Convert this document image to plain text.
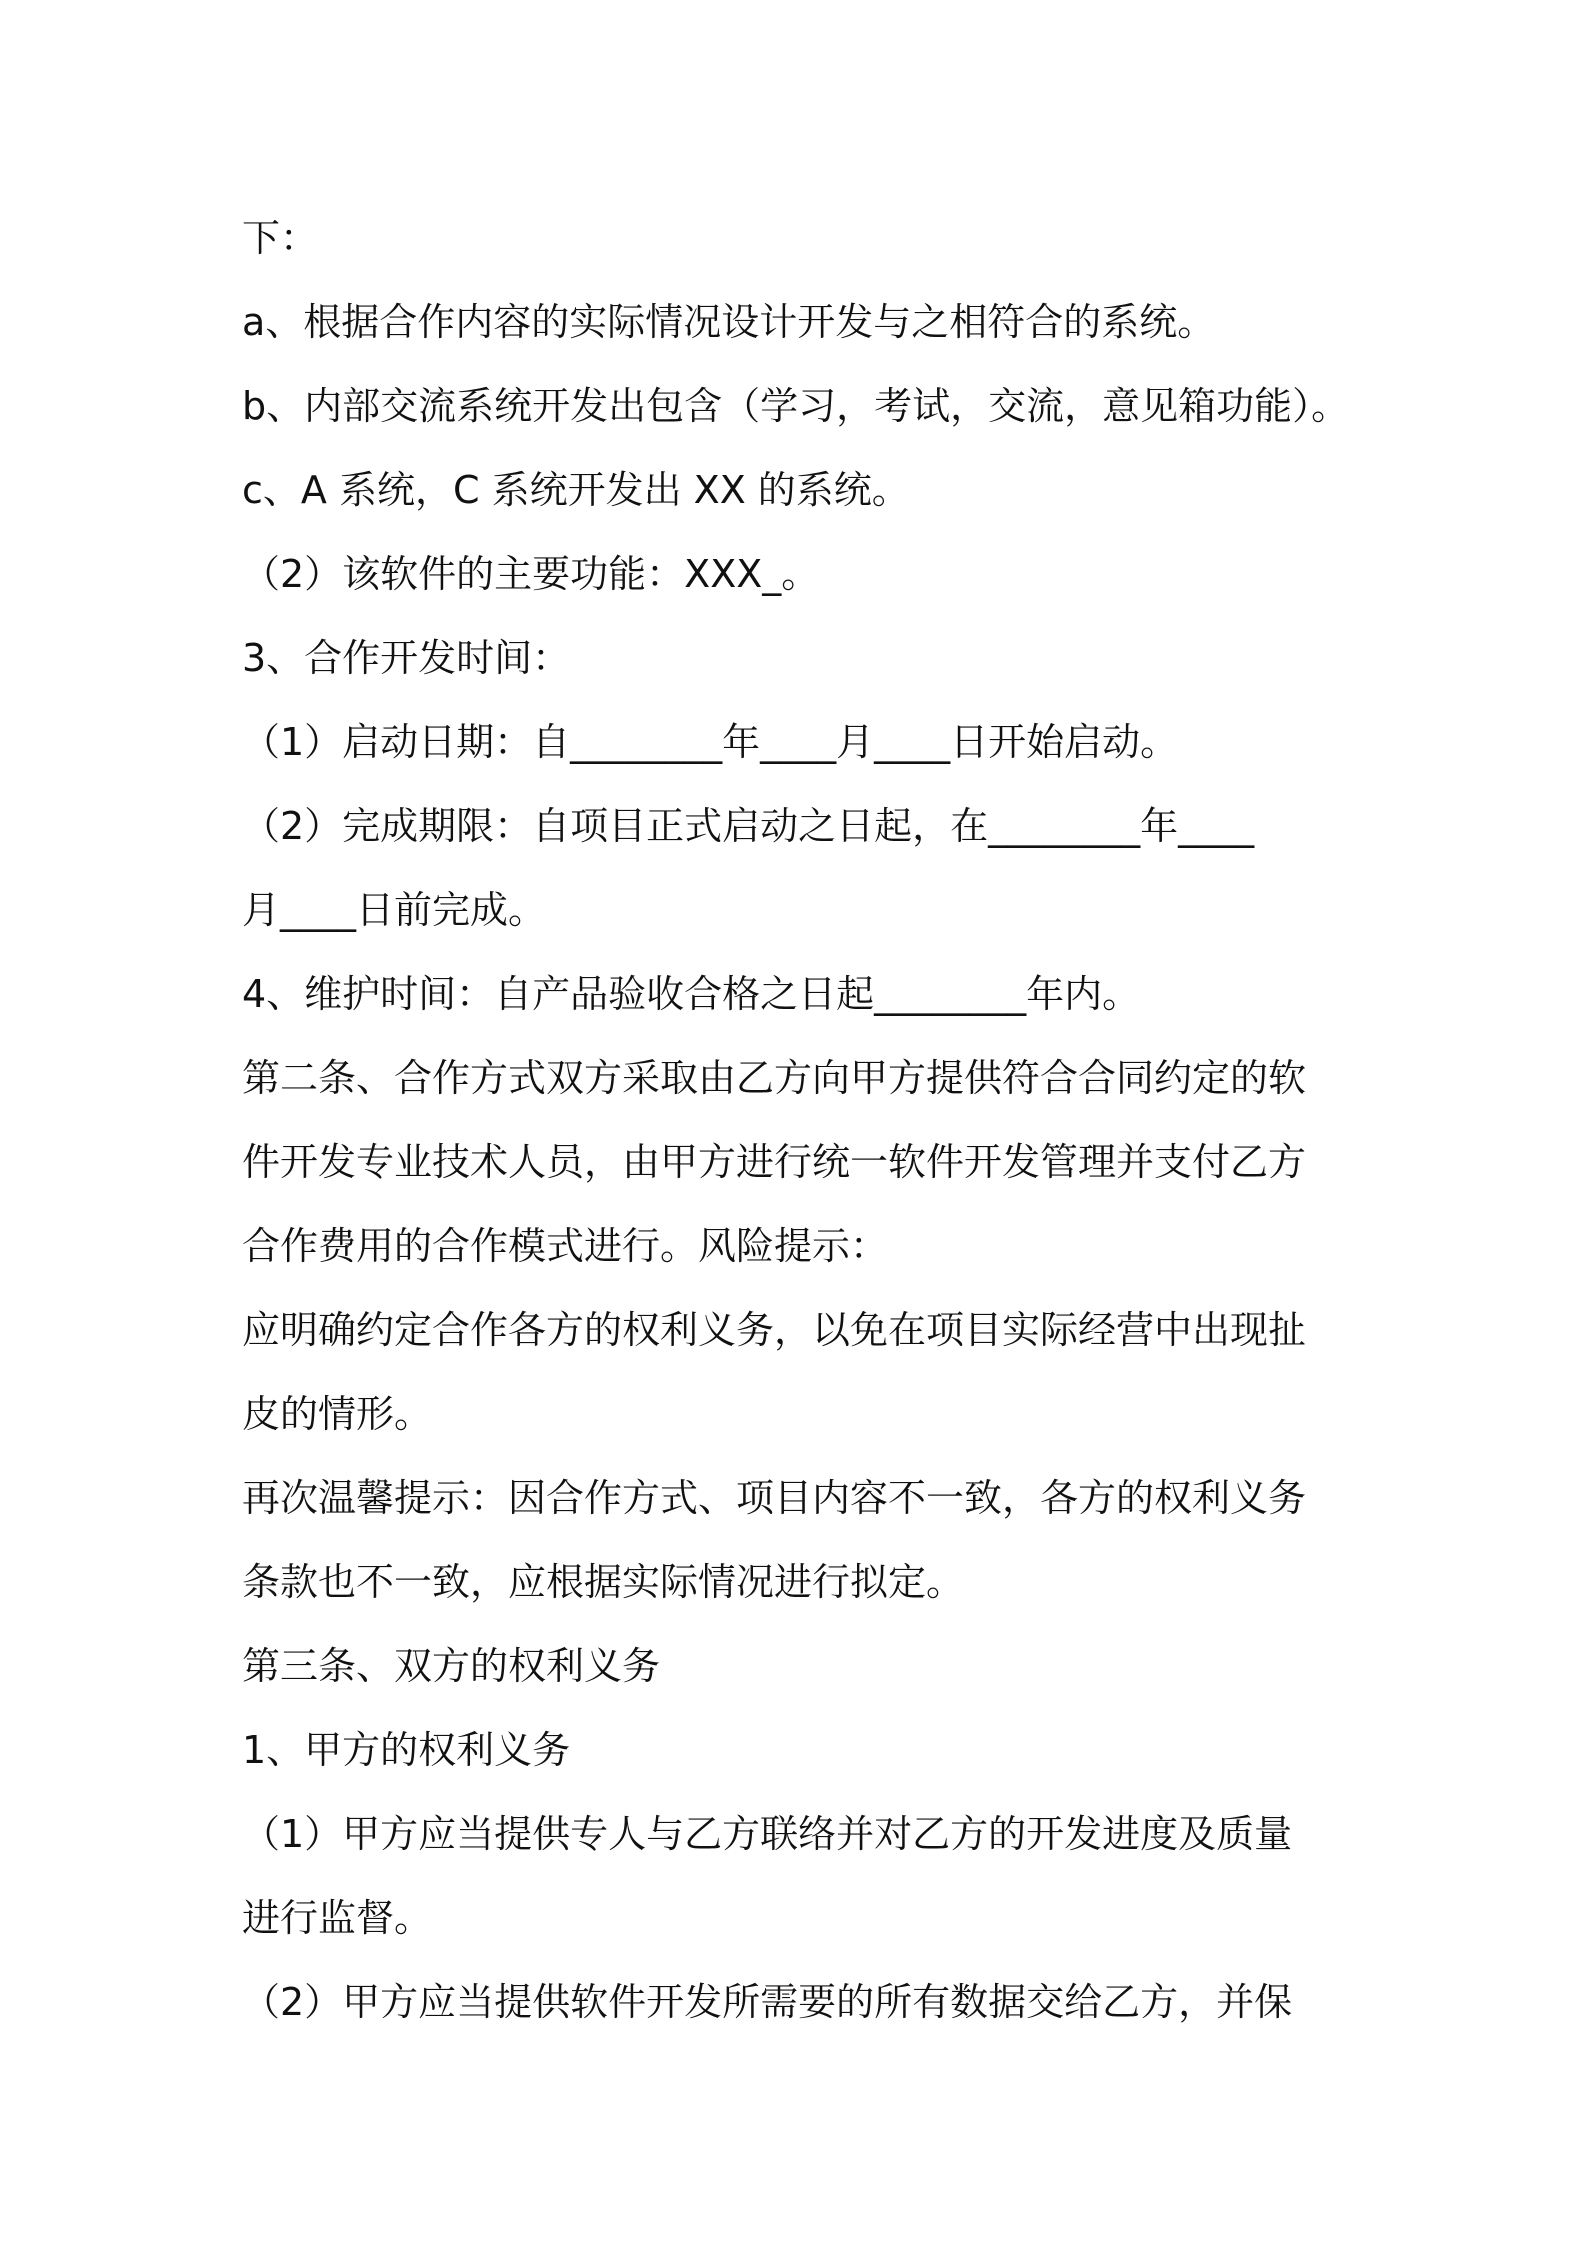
下：
a、根据合作内容的实际情况设计开发与之相符合的系统。
b、内部交流系统开发出包含（学习，考试，交流，意见箱功能）。
c、A 系统，C 系统开发出 XX 的系统。
（2）该软件的主要功能：XXX_。
3、合作开发时间：
（1）启动日期：自________年____月____日开始启动。
（2）完成期限：自项目正式启动之日起，在________年____
月____日前完成。
4、维护时间：自产品验收合格之日起________年内。
第二条、合作方式双方采取由乙方向甲方提供符合合同约定的软
件开发专业技术人员，由甲方进行统一软件开发管理并支付乙方
合作费用的合作模式进行。风险提示：
应明确约定合作各方的权利义务，以免在项目实际经营中出现扯
皮的情形。
再次温馨提示：因合作方式、项目内容不一致，各方的权利义务
条款也不一致，应根据实际情况进行拟定。
第三条、双方的权利义务
1、甲方的权利义务
（1）甲方应当提供专人与乙方联络并对乙方的开发进度及质量
进行监督。
（2）甲方应当提供软件开发所需要的所有数据交给乙方，并保
